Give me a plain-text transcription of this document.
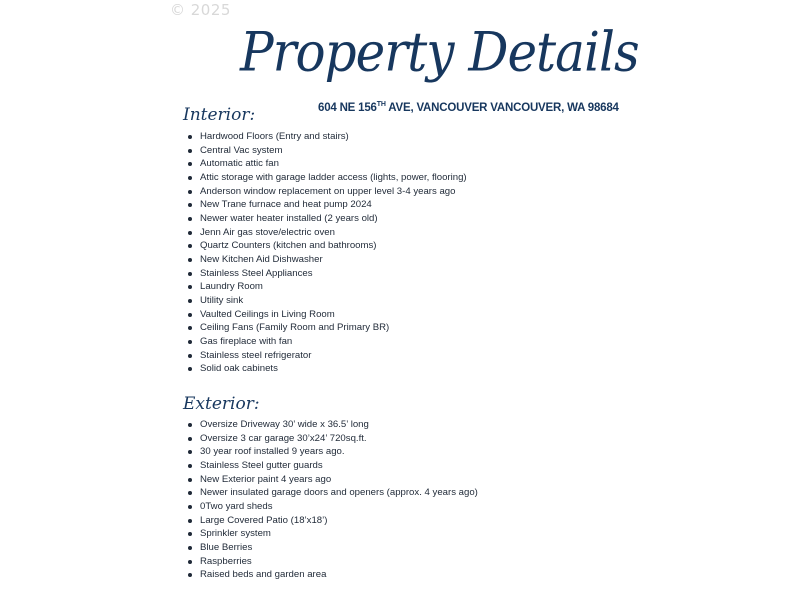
© 2025
Property Details
604 NE 156TH AVE, VANCOUVER VANCOUVER, WA 98684
Interior:
Hardwood Floors (Entry and stairs)
Central Vac system
Automatic attic fan
Attic storage with garage ladder access (lights, power, flooring)
Anderson window replacement on upper level 3-4 years ago
New Trane furnace and heat pump 2024
Newer water heater installed (2 years old)
Jenn Air gas stove/electric oven
Quartz Counters (kitchen and bathrooms)
New Kitchen Aid Dishwasher
Stainless Steel Appliances
Laundry Room
Utility sink
Vaulted Ceilings in Living Room
Ceiling Fans (Family Room and Primary BR)
Gas fireplace with fan
Stainless steel refrigerator
Solid oak cabinets
Exterior:
Oversize Driveway 30’ wide x 36.5’ long
Oversize 3 car garage 30’x24’ 720sq.ft.
30 year roof installed 9 years ago.
Stainless Steel gutter guards
New Exterior paint 4 years ago
Newer insulated garage doors and openers (approx. 4 years ago)
0Two yard sheds
Large Covered Patio (18’x18’)
Sprinkler system
Blue Berries
Raspberries
Raised beds and garden area
